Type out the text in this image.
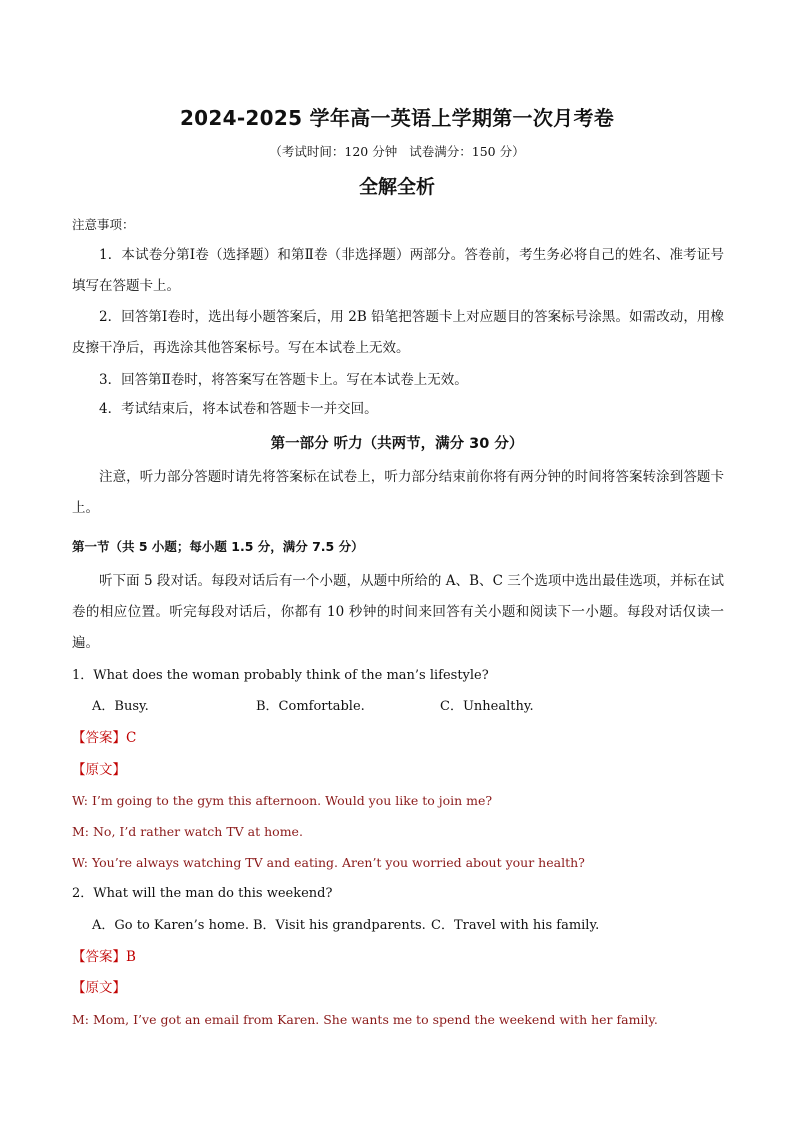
2024-2025 学年高一英语上学期第一次月考卷
（考试时间：120 分钟 试卷满分：150 分）
全解全析
注意事项：

1．本试卷分第Ⅰ卷（选择题）和第Ⅱ卷（非选择题）两部分。答卷前，考生务必将自己的姓名、准考证号填写在答题卡上。

2．回答第Ⅰ卷时，选出每小题答案后，用 2B 铅笔把答题卡上对应题目的答案标号涂黑。如需改动，用橡皮擦干净后，再选涂其他答案标号。写在本试卷上无效。

3．回答第Ⅱ卷时，将答案写在答题卡上。写在本试卷上无效。

4．考试结束后，将本试卷和答题卡一并交回。

第一部分 听力（共两节，满分 30 分）

注意，听力部分答题时请先将答案标在试卷上，听力部分结束前你将有两分钟的时间将答案转涂到答题卡上。

第一节（共 5 小题；每小题 1.5 分，满分 7.5 分）

听下面 5 段对话。每段对话后有一个小题，从题中所给的 A、B、C 三个选项中选出最佳选项，并标在试卷的相应位置。听完每段对话后，你都有 10 秒钟的时间来回答有关小题和阅读下一小题。每段对话仅读一遍。

1．What does the woman probably think of the man’s lifestyle?
A．Busy.	B．Comfortable.	C．Unhealthy.
【答案】C
【原文】
W: I’m going to the gym this afternoon. Would you like to join me?
M: No, I’d rather watch TV at home.
W: You’re always watching TV and eating. Aren’t you worried about your health?
2．What will the man do this weekend?
A．Go to Karen’s home. B．Visit his grandparents. C．Travel with his family.
【答案】B
【原文】
M: Mom, I’ve got an email from Karen. She wants me to spend the weekend with her family.
